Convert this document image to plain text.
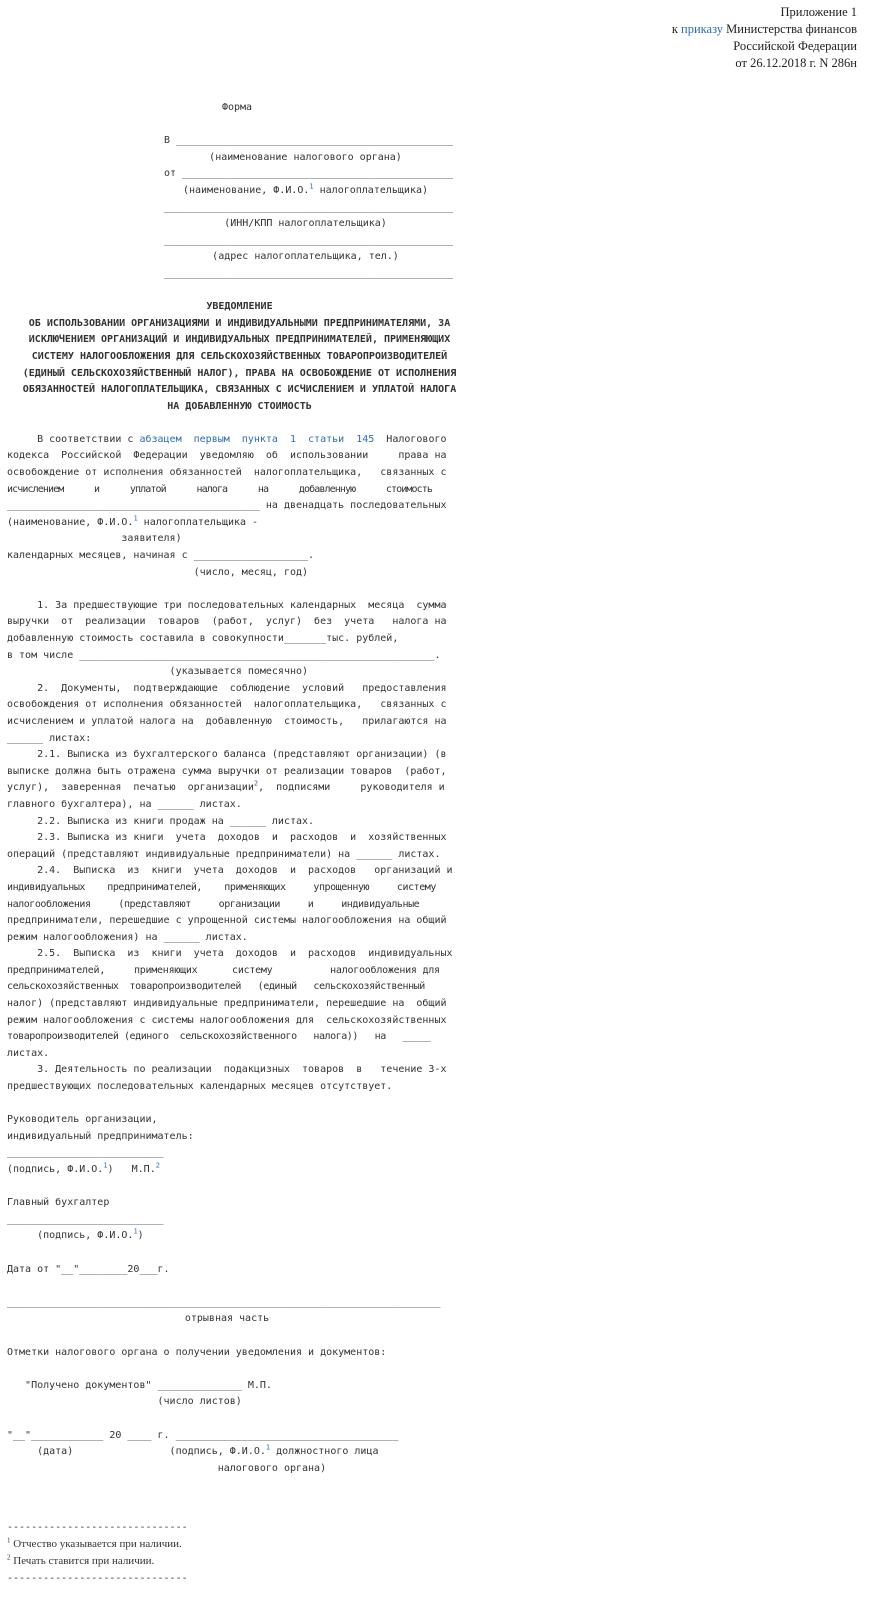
Приложение 1
к приказу Министерства финансов
Российской Федерации
от 26.12.2018 г. N 286н
Форма
В ______________________________________________
(наименование налогового органа)
от _____________________________________________
(наименование, Ф.И.О.$^1$ налогоплательщика)
________________________________________________
(ИНН/КПП налогоплательщика)
________________________________________________
(адрес налогоплательщика, тел.)
________________________________________________
УВЕДОМЛЕНИЕ
ОБ ИСПОЛЬЗОВАНИИ ОРГАНИЗАЦИЯМИ И ИНДИВИДУАЛЬНЫМИ ПРЕДПРИНИМАТЕЛЯМИ, ЗА
ИСКЛЮЧЕНИЕМ ОРГАНИЗАЦИЙ И ИНДИВИДУАЛЬНЫХ ПРЕДПРИНИМАТЕЛЕЙ, ПРИМЕНЯЮЩИХ
СИСТЕМУ НАЛОГООБЛОЖЕНИЯ ДЛЯ СЕЛЬСКОХОЗЯЙСТВЕННЫХ ТОВАРОПРОИЗВОДИТЕЛЕЙ
(ЕДИНЫЙ СЕЛЬСКОХОЗЯЙСТВЕННЫЙ НАЛОГ), ПРАВА НА ОСВОБОЖДЕНИЕ ОТ ИСПОЛНЕНИЯ
ОБЯЗАННОСТЕЙ НАЛОГОПЛАТЕЛЬЩИКА, СВЯЗАННЫХ С ИСЧИСЛЕНИЕМ И УПЛАТОЙ НАЛОГА
НА ДОБАВЛЕННУЮ СТОИМОСТЬ
В соответствии с абзацем  первым  пункта  1  статьи  145  Налогового
кодекса  Российской  Федерации  уведомляю  об  использовании     права на
освобождение от исполнения обязанностей  налогоплательщика,   связанных с
исчислением      и      уплатой      налога      на      добавленную      стоимость
__________________________________________ на двенадцать последовательных
(наименование, Ф.И.О.$^1$ налогоплательщика -
заявителя)
календарных месяцев, начиная с ___________________.
(число, месяц, год)
1. За предшествующие три последовательных календарных  месяца  сумма
выручки  от  реализации  товаров  (работ,  услуг)  без  учета   налога на
добавленную стоимость составила в совокупности_______тыс. рублей,
в том числе ___________________________________________________________.
(указывается помесячно)
2.  Документы,  подтверждающие  соблюдение  условий   предоставления
освобождения от исполнения обязанностей  налогоплательщика,   связанных с
исчислением и уплатой налога на  добавленную  стоимость,   прилагаются на
______ листах:
2.1. Выписка из бухгалтерского баланса (представляют организации) (в
выписке должна быть отражена сумма выручки от реализации товаров  (работ,
услуг),  заверенная  печатью  организации$^2$,  подписями     руководителя и
главного бухгалтера), на ______ листах.
2.2. Выписка из книги продаж на ______ листах.
2.3. Выписка из книги  учета  доходов  и  расходов  и  хозяйственных
операций (представляют индивидуальные предприниматели) на ______ листах.
2.4.  Выписка  из  книги  учета  доходов  и  расходов   организаций и
индивидуальных    предпринимателей,    применяющих     упрощенную     систему
налогообложения     (представляют     организации     и     индивидуальные
предприниматели, перешедшие с упрощенной системы налогообложения на общий
режим налогообложения) на ______ листах.
2.5.  Выписка  из  книги  учета  доходов  и  расходов  индивидуальных
предпринимателей,     применяющих      систему          налогообложения для
сельскохозяйственных  товаропроизводителей   (единый   сельскохозяйственный
налог) (представляют индивидуальные предприниматели, перешедшие на  общий
режим налогообложения с системы налогообложения для  сельскохозяйственных
товаропроизводителей (единого  сельскохозяйственного   налога))   на   _____
листах.
3. Деятельность по реализации  подакцизных  товаров  в   течение 3-х
предшествующих последовательных календарных месяцев отсутствует.
Руководитель организации,
индивидуальный предприниматель:
__________________________
(подпись, Ф.И.О.$^1$)   М.П.$^2$
Главный бухгалтер
__________________________
(подпись, Ф.И.О.$^1$)
Дата от "__"________20___г.
________________________________________________________________________
отрывная часть
Отметки налогового органа о получении уведомления и документов:
"Получено документов" ______________ М.П.
(число листов)
"__"____________ 20 ____ г. _____________________________________
(дата)                (подпись, Ф.И.О.$^1$ должностного лица
налогового органа)
------------------------------
$^1$ Отчество указывается при наличии.
$^2$ Печать ставится при наличии.
------------------------------
